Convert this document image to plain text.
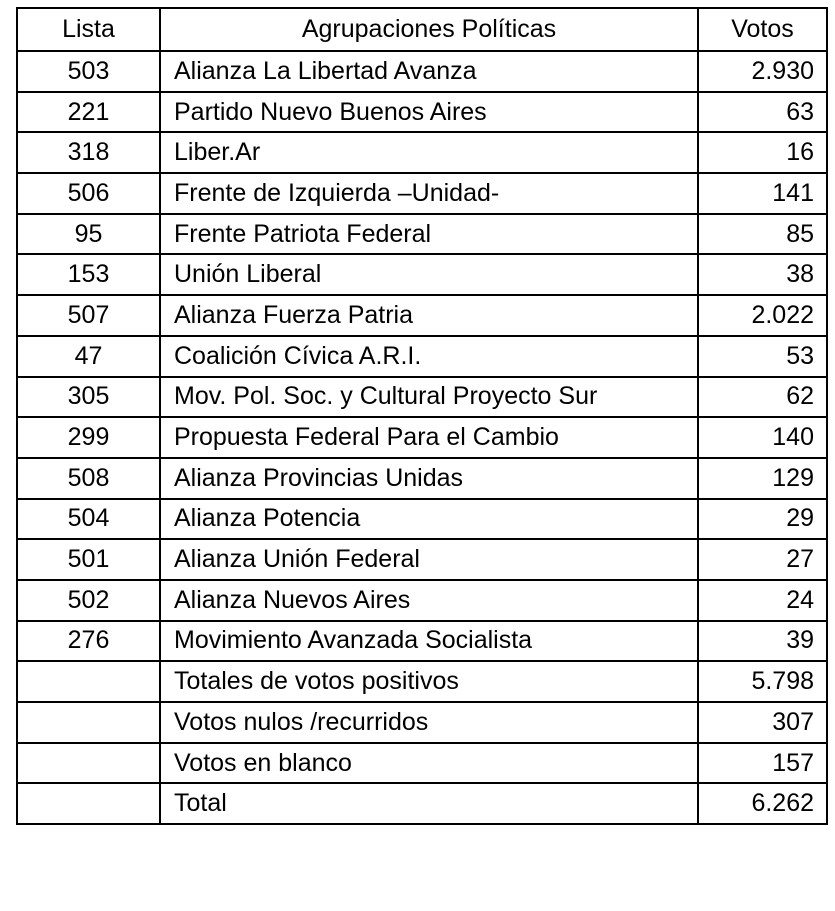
Lista	Agrupaciones Políticas	Votos
503	Alianza La Libertad Avanza	2.930
221	Partido Nuevo Buenos Aires	63
318	Liber.Ar	16
506	Frente de Izquierda –Unidad-	141
95	Frente Patriota Federal	85
153	Unión Liberal	38
507	Alianza Fuerza Patria	2.022
47	Coalición Cívica A.R.I.	53
305	Mov. Pol. Soc. y Cultural Proyecto Sur	62
299	Propuesta Federal Para el Cambio	140
508	Alianza Provincias Unidas	129
504	Alianza Potencia	29
501	Alianza Unión Federal	27
502	Alianza Nuevos Aires	24
276	Movimiento Avanzada Socialista	39
	Totales de votos positivos	5.798
	Votos nulos /recurridos	307
	Votos en blanco	157
	Total	6.262
